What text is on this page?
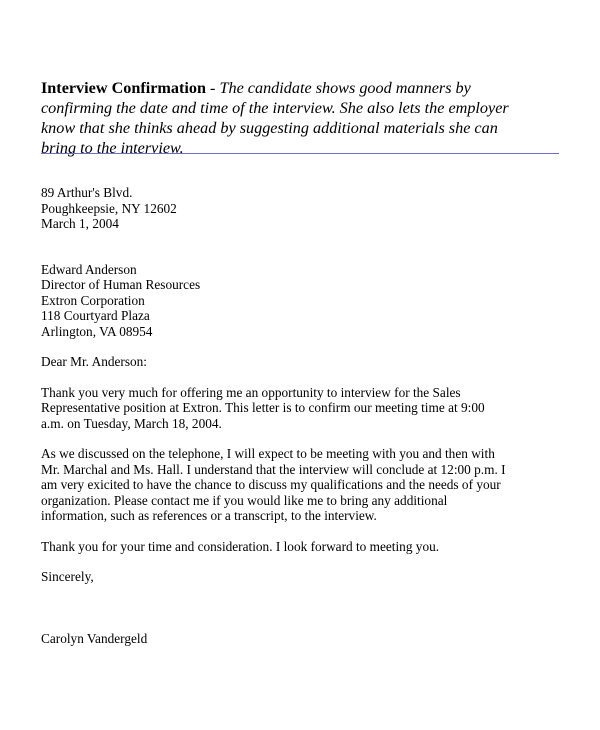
Interview Confirmation - The candidate shows good manners by
confirming the date and time of the interview. She also lets the employer
know that she thinks ahead by suggesting additional materials she can
bring to the interview.
89 Arthur's Blvd.
Poughkeepsie, NY 12602
March 1, 2004
Edward Anderson
Director of Human Resources
Extron Corporation
118 Courtyard Plaza
Arlington, VA 08954
Dear Mr. Anderson:
Thank you very much for offering me an opportunity to interview for the Sales
Representative position at Extron. This letter is to confirm our meeting time at 9:00
a.m. on Tuesday, March 18, 2004.
As we discussed on the telephone, I will expect to be meeting with you and then with
Mr. Marchal and Ms. Hall. I understand that the interview will conclude at 12:00 p.m. I
am very exicited to have the chance to discuss my qualifications and the needs of your
organization. Please contact me if you would like me to bring any additional
information, such as references or a transcript, to the interview.
Thank you for your time and consideration. I look forward to meeting you.
Sincerely,
Carolyn Vandergeld
